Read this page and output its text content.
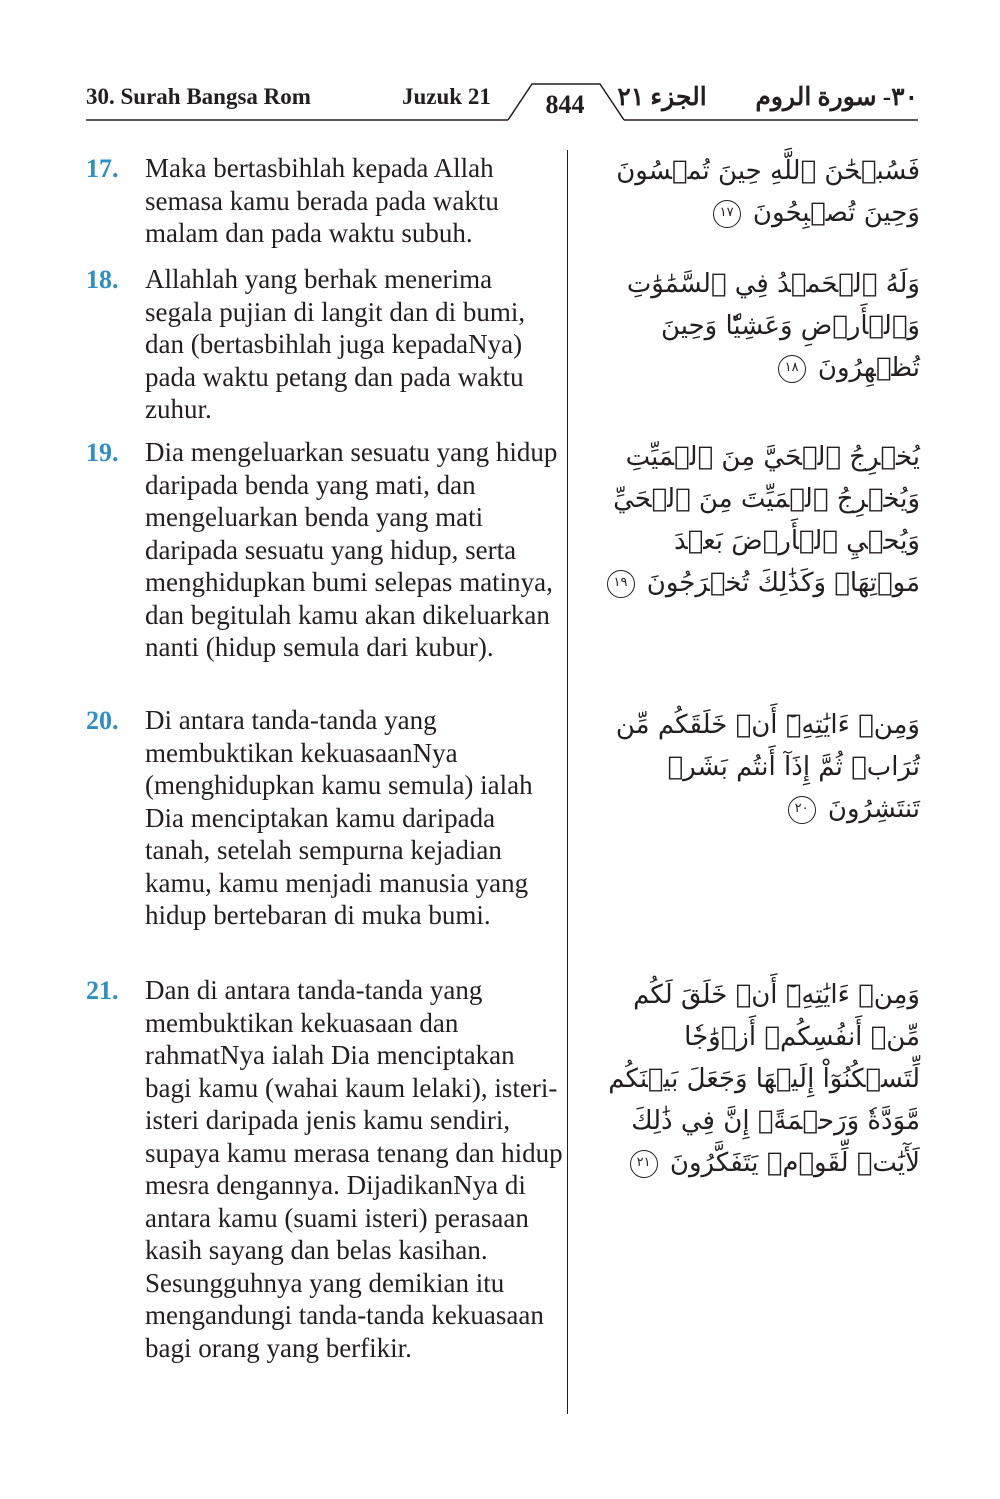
30. Surah Bangsa Rom	Juzuk 21	844	الجزء ٢١	٣٠- سورة الروم
17. Maka bertasbihlah kepada Allah semasa kamu berada pada waktu malam dan pada waktu subuh.
فَسُبۡحَٰنَ ٱللَّهِ حِينَ تُمۡسُونَ وَحِينَ تُصۡبِحُونَ ١٧
18. Allahlah yang berhak menerima segala pujian di langit dan di bumi, dan (bertasbihlah juga kepadaNya) pada waktu petang dan pada waktu zuhur.
وَلَهُ ٱلۡحَمۡدُ فِي ٱلسَّمَٰوَٰتِ وَٱلۡأَرۡضِ وَعَشِيّٗا وَحِينَ تُظۡهِرُونَ ١٨
19. Dia mengeluarkan sesuatu yang hidup daripada benda yang mati, dan mengeluarkan benda yang mati daripada sesuatu yang hidup, serta menghidupkan bumi selepas matinya, dan begitulah kamu akan dikeluarkan nanti (hidup semula dari kubur).
يُخۡرِجُ ٱلۡحَيَّ مِنَ ٱلۡمَيِّتِ وَيُخۡرِجُ ٱلۡمَيِّتَ مِنَ ٱلۡحَيِّ وَيُحۡيِ ٱلۡأَرۡضَ بَعۡدَ مَوۡتِهَاۚ وَكَذَٰلِكَ تُخۡرَجُونَ ١٩
20. Di antara tanda-tanda yang membuktikan kekuasaanNya (menghidupkan kamu semula) ialah Dia menciptakan kamu daripada tanah, setelah sempurna kejadian kamu, kamu menjadi manusia yang hidup bertebaran di muka bumi.
وَمِنۡ ءَايَٰتِهِۦٓ أَنۡ خَلَقَكُم مِّن تُرَابٖ ثُمَّ إِذَآ أَنتُم بَشَرٞ تَنتَشِرُونَ ٢٠
21. Dan di antara tanda-tanda yang membuktikan kekuasaan dan rahmatNya ialah Dia menciptakan bagi kamu (wahai kaum lelaki), isteri-isteri daripada jenis kamu sendiri, supaya kamu merasa tenang dan hidup mesra dengannya. DijadikanNya di antara kamu (suami isteri) perasaan kasih sayang dan belas kasihan. Sesungguhnya yang demikian itu mengandungi tanda-tanda kekuasaan bagi orang yang berfikir.
وَمِنۡ ءَايَٰتِهِۦٓ أَنۡ خَلَقَ لَكُم مِّنۡ أَنفُسِكُمۡ أَزۡوَٰجٗا لِّتَسۡكُنُوٓاْ إِلَيۡهَا وَجَعَلَ بَيۡنَكُم مَّوَدَّةٗ وَرَحۡمَةًۚ إِنَّ فِي ذَٰلِكَ لَأٓيَٰتٖ لِّقَوۡمٖ يَتَفَكَّرُونَ ٢١
